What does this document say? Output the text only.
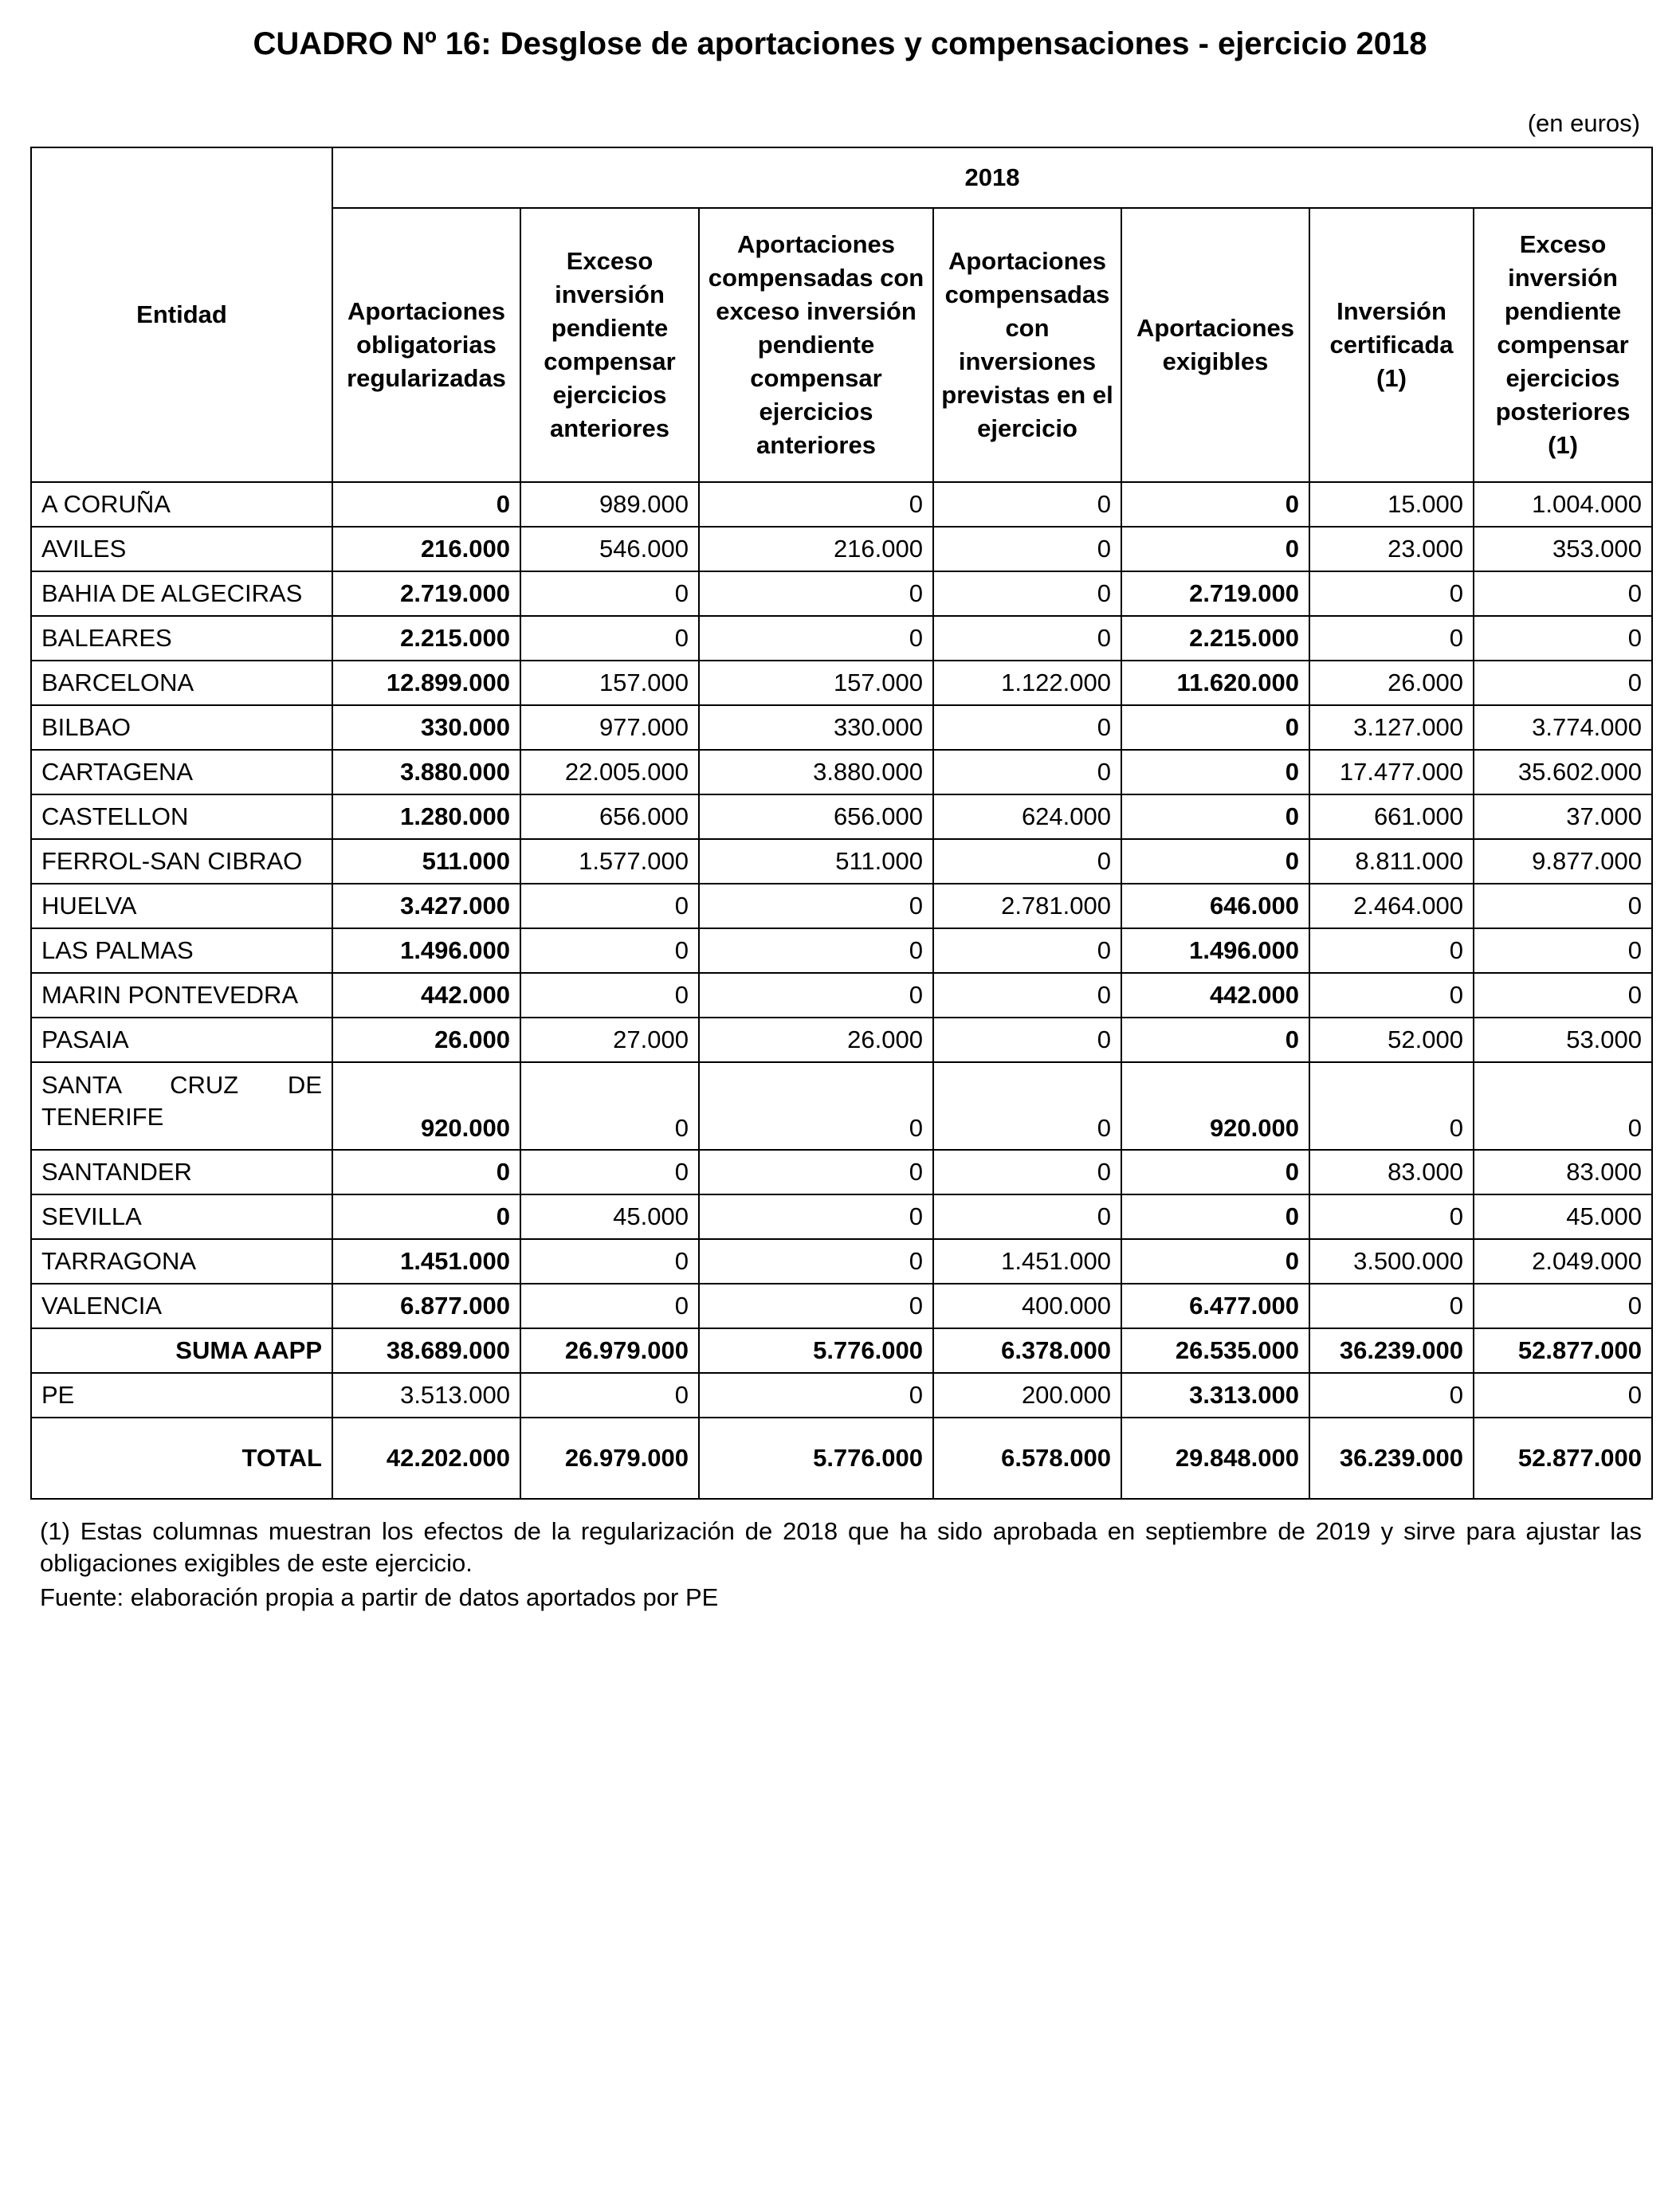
CUADRO Nº 16: Desglose de aportaciones y compensaciones - ejercicio 2018
(en euros)
Entidad	2018						
	Aportaciones obligatorias regularizadas	Exceso inversión pendiente compensar ejercicios anteriores	Aportaciones compensadas con exceso inversión pendiente compensar ejercicios anteriores	Aportaciones compensadas con inversiones previstas en el ejercicio	Aportaciones exigibles	Inversión certificada (1)	Exceso inversión pendiente compensar ejercicios posteriores (1)
A CORUÑA	0	989.000	0	0	0	15.000	1.004.000
AVILES	216.000	546.000	216.000	0	0	23.000	353.000
BAHIA DE ALGECIRAS	2.719.000	0	0	0	2.719.000	0	0
BALEARES	2.215.000	0	0	0	2.215.000	0	0
BARCELONA	12.899.000	157.000	157.000	1.122.000	11.620.000	26.000	0
BILBAO	330.000	977.000	330.000	0	0	3.127.000	3.774.000
CARTAGENA	3.880.000	22.005.000	3.880.000	0	0	17.477.000	35.602.000
CASTELLON	1.280.000	656.000	656.000	624.000	0	661.000	37.000
FERROL-SAN CIBRAO	511.000	1.577.000	511.000	0	0	8.811.000	9.877.000
HUELVA	3.427.000	0	0	2.781.000	646.000	2.464.000	0
LAS PALMAS	1.496.000	0	0	0	1.496.000	0	0
MARIN PONTEVEDRA	442.000	0	0	0	442.000	0	0
PASAIA	26.000	27.000	26.000	0	0	52.000	53.000
SANTA CRUZ DE TENERIFE	920.000	0	0	0	920.000	0	0
SANTANDER	0	0	0	0	0	83.000	83.000
SEVILLA	0	45.000	0	0	0	0	45.000
TARRAGONA	1.451.000	0	0	1.451.000	0	3.500.000	2.049.000
VALENCIA	6.877.000	0	0	400.000	6.477.000	0	0
SUMA AAPP	38.689.000	26.979.000	5.776.000	6.378.000	26.535.000	36.239.000	52.877.000
PE	3.513.000	0	0	200.000	3.313.000	0	0
TOTAL	42.202.000	26.979.000	5.776.000	6.578.000	29.848.000	36.239.000	52.877.000
(1) Estas columnas muestran los efectos de la regularización de 2018 que ha sido aprobada en septiembre de 2019 y sirve para ajustar las obligaciones exigibles de este ejercicio.
Fuente: elaboración propia a partir de datos aportados por PE
